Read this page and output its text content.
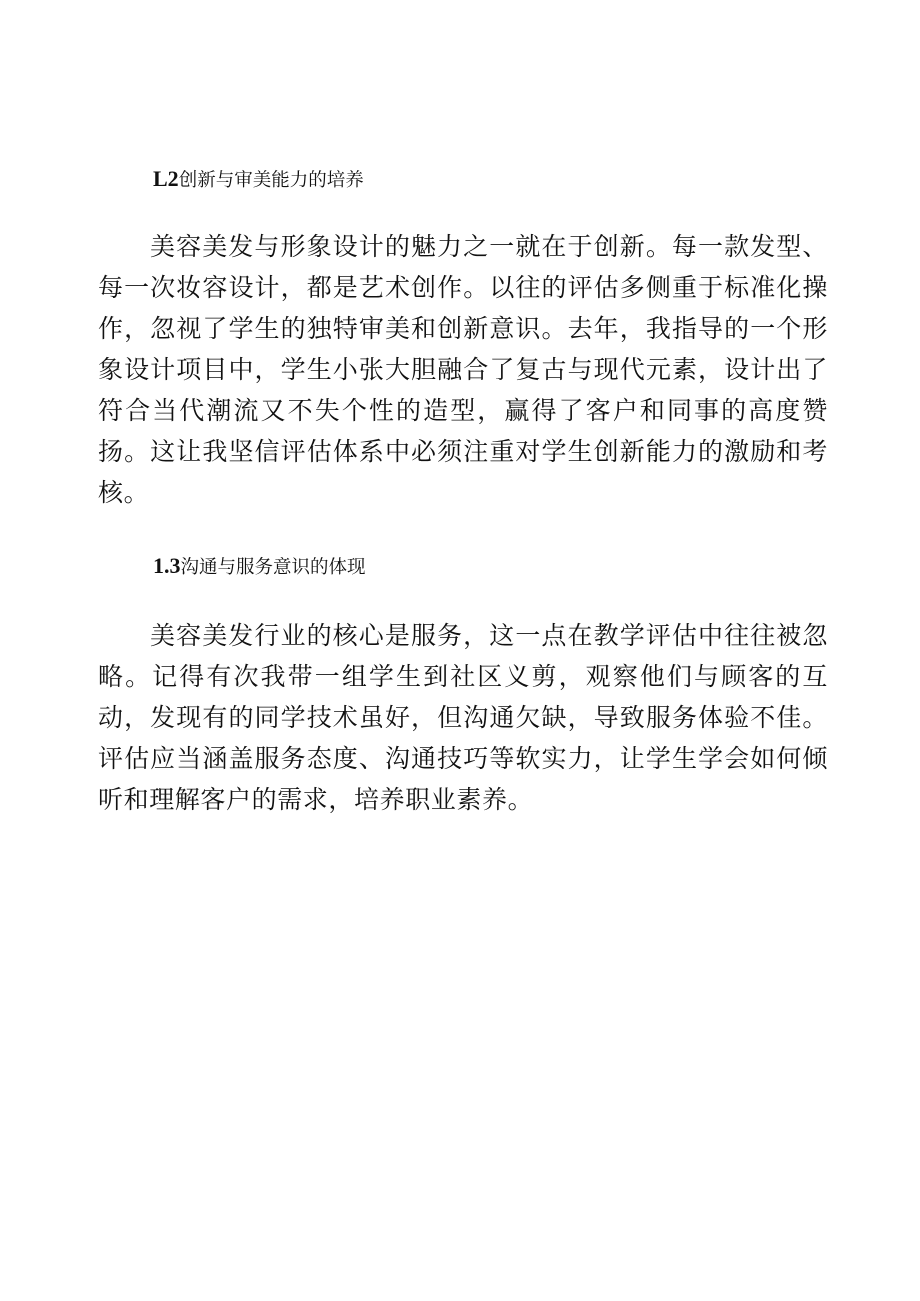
L2创新与审美能力的培养

美容美发与形象设计的魅力之一就在于创新。每一款发型、每一次妆容设计，都是艺术创作。以往的评估多侧重于标准化操作，忽视了学生的独特审美和创新意识。去年，我指导的一个形象设计项目中，学生小张大胆融合了复古与现代元素，设计出了符合当代潮流又不失个性的造型，赢得了客户和同事的高度赞扬。这让我坚信评估体系中必须注重对学生创新能力的激励和考核。

1.3沟通与服务意识的体现

美容美发行业的核心是服务，这一点在教学评估中往往被忽略。记得有次我带一组学生到社区义剪，观察他们与顾客的互动，发现有的同学技术虽好，但沟通欠缺，导致服务体验不佳。评估应当涵盖服务态度、沟通技巧等软实力，让学生学会如何倾听和理解客户的需求，培养职业素养。
